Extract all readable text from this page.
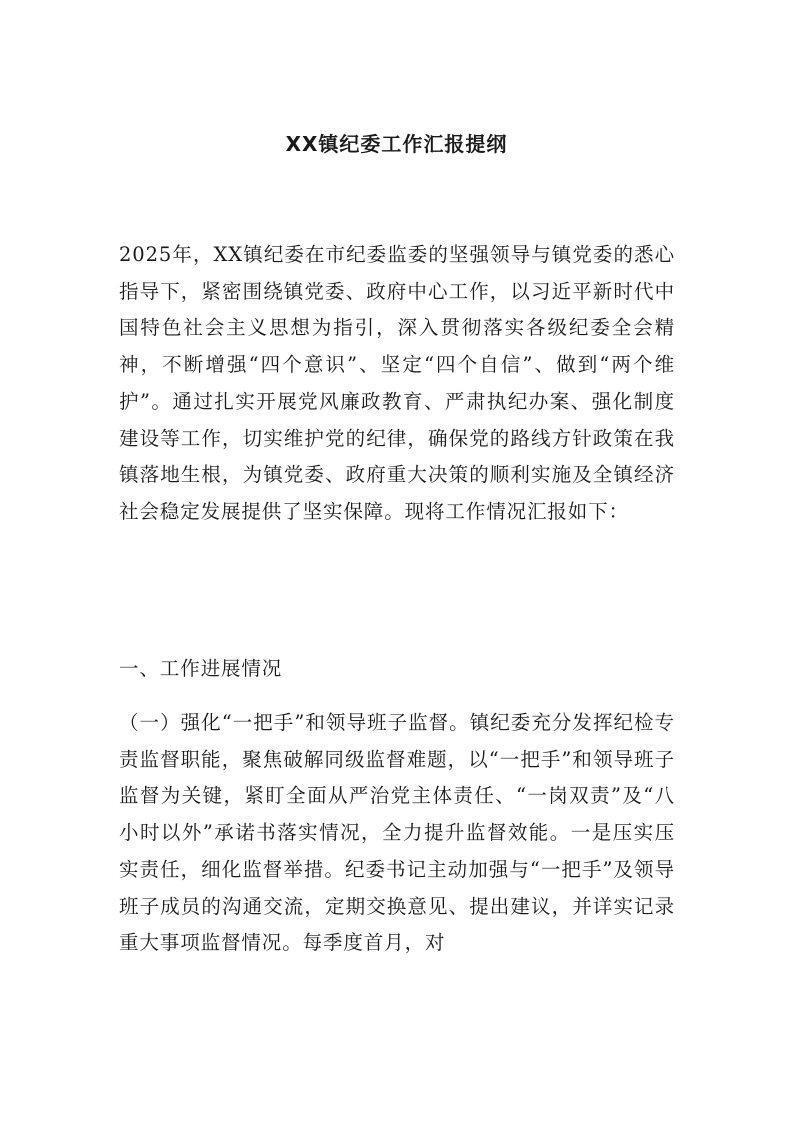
XX镇纪委工作汇报提纲

2025年，XX镇纪委在市纪委监委的坚强领导与镇党委的悉心指导下，紧密围绕镇党委、政府中心工作，以习近平新时代中国特色社会主义思想为指引，深入贯彻落实各级纪委全会精神，不断增强“四个意识”、坚定“四个自信”、做到“两个维护”。通过扎实开展党风廉政教育、严肃执纪办案、强化制度建设等工作，切实维护党的纪律，确保党的路线方针政策在我镇落地生根，为镇党委、政府重大决策的顺利实施及全镇经济社会稳定发展提供了坚实保障。现将工作情况汇报如下：

一、工作进展情况

（一）强化“一把手”和领导班子监督。镇纪委充分发挥纪检专责监督职能，聚焦破解同级监督难题，以“一把手”和领导班子监督为关键，紧盯全面从严治党主体责任、“一岗双责”及“八小时以外”承诺书落实情况，全力提升监督效能。一是压实压实责任，细化监督举措。纪委书记主动加强与“一把手”及领导班子成员的沟通交流，定期交换意见、提出建议，并详实记录重大事项监督情况。每季度首月，对
